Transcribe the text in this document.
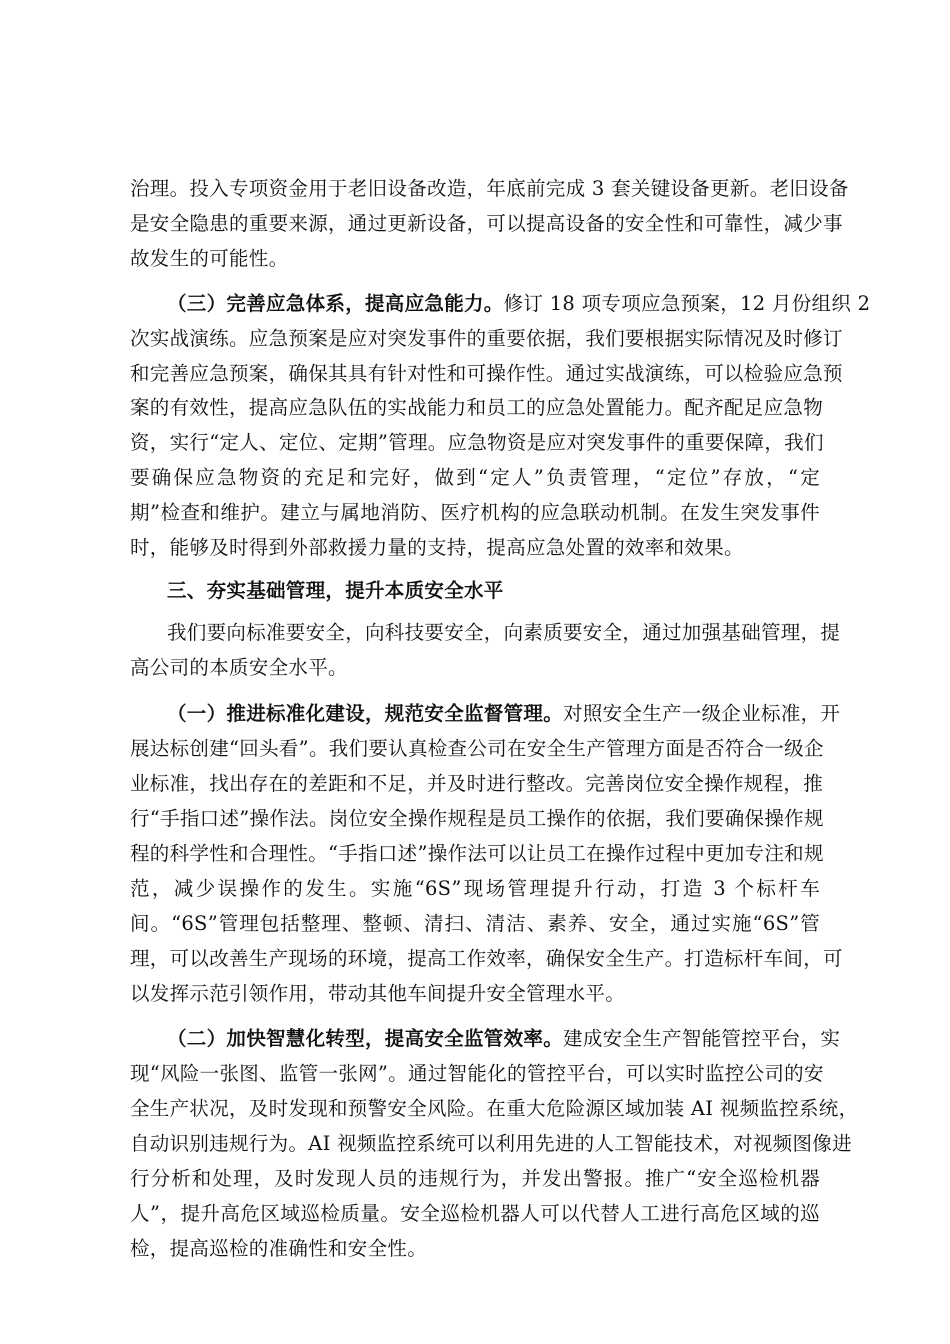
治理。投入专项资金用于老旧设备改造，年底前完成 3 套关键设备更新。老旧设备
是安全隐患的重要来源，通过更新设备，可以提高设备的安全性和可靠性，减少事
故发生的可能性。
（三）完善应急体系，提高应急能力。修订 18 项专项应急预案，12 月份组织 2
次实战演练。应急预案是应对突发事件的重要依据，我们要根据实际情况及时修订
和完善应急预案，确保其具有针对性和可操作性。通过实战演练，可以检验应急预
案的有效性，提高应急队伍的实战能力和员工的应急处置能力。配齐配足应急物
资，实行“定人、定位、定期”管理。应急物资是应对突发事件的重要保障，我们
要确保应急物资的充足和完好，做到“定人”负责管理，“定位”存放，“定
期”检查和维护。建立与属地消防、医疗机构的应急联动机制。在发生突发事件
时，能够及时得到外部救援力量的支持，提高应急处置的效率和效果。
三、夯实基础管理，提升本质安全水平
我们要向标准要安全，向科技要安全，向素质要安全，通过加强基础管理，提
高公司的本质安全水平。
（一）推进标准化建设，规范安全监督管理。对照安全生产一级企业标准，开
展达标创建“回头看”。我们要认真检查公司在安全生产管理方面是否符合一级企
业标准，找出存在的差距和不足，并及时进行整改。完善岗位安全操作规程，推
行“手指口述”操作法。岗位安全操作规程是员工操作的依据，我们要确保操作规
程的科学性和合理性。“手指口述”操作法可以让员工在操作过程中更加专注和规
范，减少误操作的发生。实施“6S”现场管理提升行动，打造 3 个标杆车
间。“6S”管理包括整理、整顿、清扫、清洁、素养、安全，通过实施“6S”管
理，可以改善生产现场的环境，提高工作效率，确保安全生产。打造标杆车间，可
以发挥示范引领作用，带动其他车间提升安全管理水平。
（二）加快智慧化转型，提高安全监管效率。建成安全生产智能管控平台，实
现“风险一张图、监管一张网”。通过智能化的管控平台，可以实时监控公司的安
全生产状况，及时发现和预警安全风险。在重大危险源区域加装 AI 视频监控系统，
自动识别违规行为。AI 视频监控系统可以利用先进的人工智能技术，对视频图像进
行分析和处理，及时发现人员的违规行为，并发出警报。推广“安全巡检机器
人”，提升高危区域巡检质量。安全巡检机器人可以代替人工进行高危区域的巡
检，提高巡检的准确性和安全性。
